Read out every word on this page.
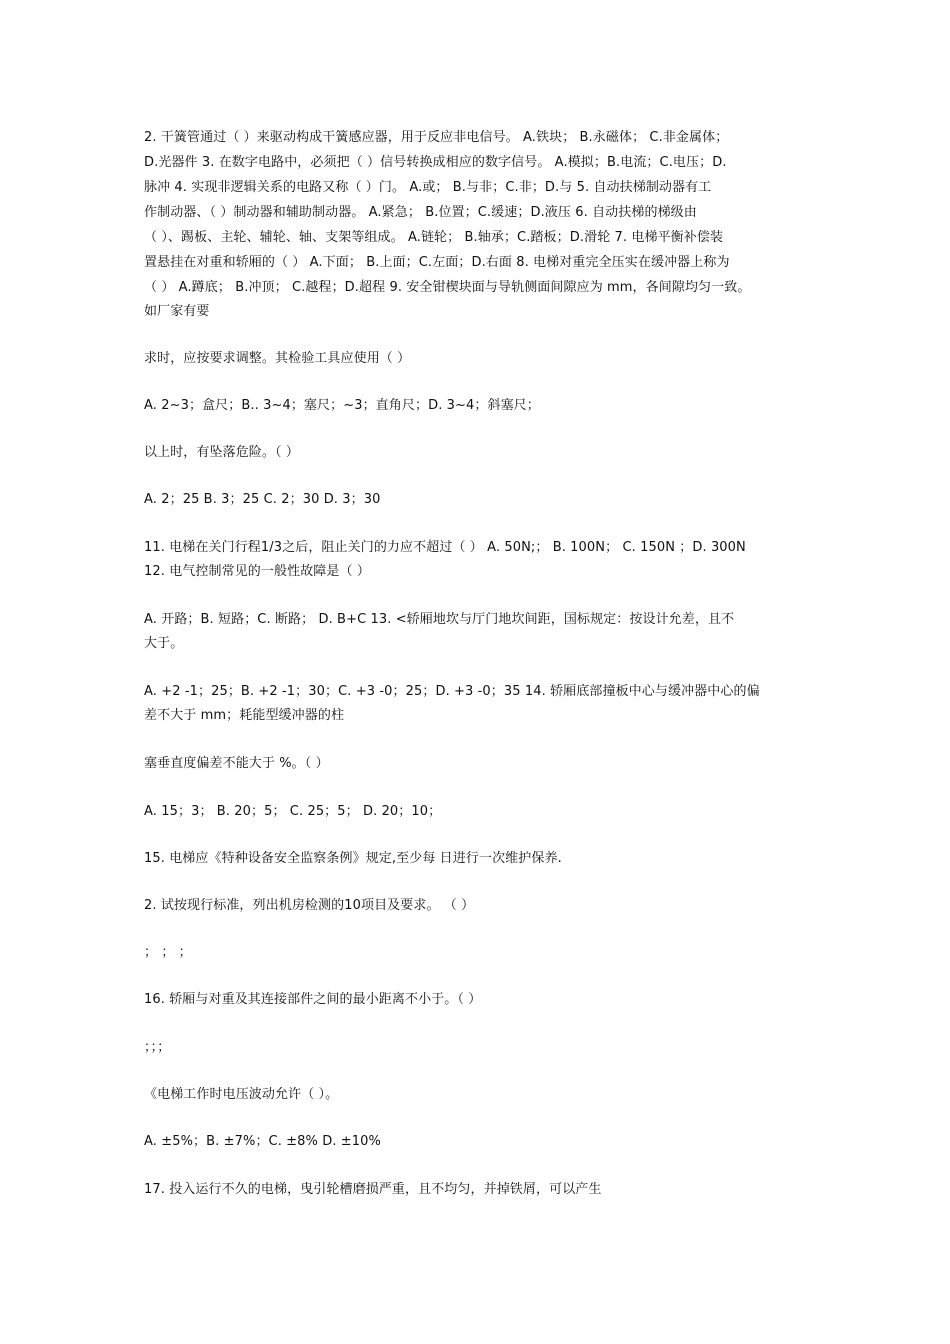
2. 干簧管通过（ ）来驱动构成干簧感应器，用于反应非电信号。 A.铁块； B.永磁体； C.非金属体；
D.光器件 3. 在数字电路中，必须把（ ）信号转换成相应的数字信号。 A.模拟；B.电流；C.电压；D.
脉冲 4. 实现非逻辑关系的电路又称（ ）门。 A.或； B.与非；C.非；D.与 5. 自动扶梯制动器有工
作制动器、（ ）制动器和辅助制动器。 A.紧急； B.位置；C.缓速；D.液压 6. 自动扶梯的梯级由
（ ）、踢板、主轮、辅轮、轴、支架等组成。 A.链轮； B.轴承；C.踏板；D.滑轮 7. 电梯平衡补偿装
置悬挂在对重和轿厢的（ ） A.下面； B.上面；C.左面；D.右面 8. 电梯对重完全压实在缓冲器上称为
（ ） A.蹲底； B.冲顶； C.越程；D.超程 9. 安全钳楔块面与导轨侧面间隙应为 mm，各间隙均匀一致。
如厂家有要
求时，应按要求调整。其检验工具应使用（ ）
A. 2~3；盒尺；B.. 3~4；塞尺；~3；直角尺；D. 3~4；斜塞尺；
以上时，有坠落危险。（ ）
A. 2；25 B. 3；25 C. 2；30 D. 3；30
11. 电梯在关门行程1/3之后，阻止关门的力应不超过（ ） A. 50N;； B. 100N； C. 150N ；D. 300N
12. 电气控制常见的一般性故障是（ ）
A. 开路；B. 短路；C. 断路； D. B+C 13. <轿厢地坎与厅门地坎间距，国标规定：按设计允差，且不
大于。
A. +2 -1；25；B. +2 -1；30；C. +3 -0；25；D. +3 -0；35 14. 轿厢底部撞板中心与缓冲器中心的偏
差不大于 mm；耗能型缓冲器的柱
塞垂直度偏差不能大于 %。（ ）
A. 15；3； B. 20；5； C. 25；5； D. 20；10；
15. 电梯应《特种设备安全监察条例》规定,至少每 日进行一次维护保养.
2. 试按现行标准，列出机房检测的10项目及要求。 （ ）
； ； ；
16. 轿厢与对重及其连接部件之间的最小距离不小于。（ ）
；；；
《电梯工作时电压波动允许（ ）。
A. ±5%；B. ±7%；C. ±8% D. ±10%
17. 投入运行不久的电梯，曳引轮槽磨损严重，且不均匀，并掉铁屑，可以产生
